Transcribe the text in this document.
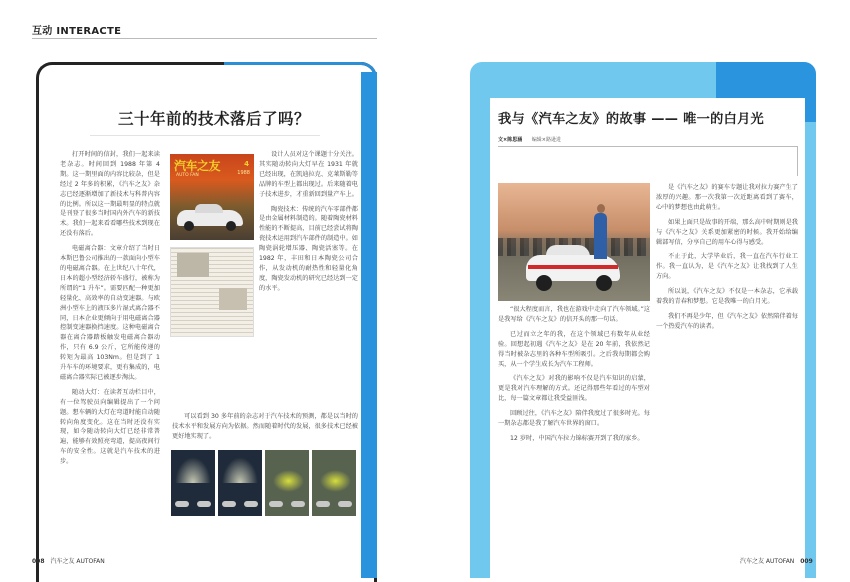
互动 INTERACTE
三十年前的技术落后了吗？

打开时间的信封，我们一起来读老杂志。时间回到 1988 年第 4 期。这一期里面的内容比较杂，但是经过 2 年多的积累，《汽车之友》杂志已经逐渐增加了新技术与科普内容的比例。所以这一期最明显的特点就是刊登了很多当时国内外汽车的新技术。我们一起来看看哪些技术到现在还没有落后。

电磁离合器：文章介绍了当时日本斯巴鲁公司推出的一款面向小型车的电磁离合器。在上世纪八十年代，日本的超小型经济轿车盛行，被称为所谓的“1 升车”。需要匹配一种更加轻量化、高效率的自动变速器。与欧洲小型车上的液压多片湿式离合器不同，日本企业更倾向于用电磁离合器控制变速器换挡速度。这种电磁离合器在离合器踏板触发电磁离合器动作，只有 6.9 公斤，它所能传递的转矩为最高 103Nm。但是到了 1 升车车的环境要求，更有集成的，电磁离合器实际已被逐步淘汰。

随动大灯：在读者互动栏目中，有一位驾驶员向编辑提出了一个问题。想车辆的大灯在弯道时能自动随转向角度变化。这在当时还没有实现，如今随动转向大灯已经非常普遍，能够有效照亮弯道，提高夜间行车的安全性。这就是汽车技术的进步。

汽车之友
AUTO FAN
4
1988

设计人员对这个课题十分关注。其实随动转向大灯早在 1931 年就已经出现，在凯迪拉克、克莱斯勒等品牌的车型上都出现过。后来随着电子技术进步，才重新回到量产车上。

陶瓷技术：传统的汽车零部件都是由金属材料制造的。随着陶瓷材料性能的不断提高，目前已经尝试将陶瓷技术运用到汽车部件的制造中。如陶瓷涡轮增压器、陶瓷活塞等。在 1982 年，丰田和日本陶瓷公司合作，从发动机的耐热性和轻量化角度，陶瓷发动机的研究已经达到一定的水平。

可以看到 30 多年前的杂志对于汽车技术的预测，都是以当时的技术水平和发展方向为依据。然而随着时代的发展，很多技术已经被更好地实现了。

我与《汽车之友》的故事 —— 唯一的白月光
文×陈思涵 编辑×路逊进

“很大程度而言，我也在游戏中走向了汽车领域。”这是我写给《汽车之友》的信开头的那一句话。

已过而立之年的我，在这个领域已有数年从业经验。回想起初遇《汽车之友》是在 20 年前，我依然记得当时被杂志里的各种车型所吸引。之后我每期都会购买，从一个学生成长为汽车工程师。

《汽车之友》对我的影响不仅是汽车知识的启蒙，更是我对汽车理解的方式。还记得那些年看过的车型对比，每一篇文章都让我受益匪浅。

回顾过往，《汽车之友》陪伴我度过了很多时光。每一期杂志都是我了解汽车世界的窗口。

12 岁时，中国汽车拉力锦标赛开到了我的家乡。

是《汽车之友》的赛车专题让我对拉力赛产生了浓厚的兴趣。那一次我第一次近距离看到了赛车，心中的梦想也由此萌生。

如果上面只是故事的开端，那么高中时期则是我与《汽车之友》关系更加紧密的时候。我开始给编辑部写信，分享自己的用车心得与感受。

不止于此，大学毕业后，我一直在汽车行业工作。我一直认为，是《汽车之友》让我找到了人生方向。

所以说，《汽车之友》不仅是一本杂志，它承载着我的青春和梦想。它是我唯一的白月光。

我们不再是少年，但《汽车之友》依然陪伴着每一个热爱汽车的读者。

008 汽车之友 AUTOFAN	汽车之友 AUTOFAN 009
